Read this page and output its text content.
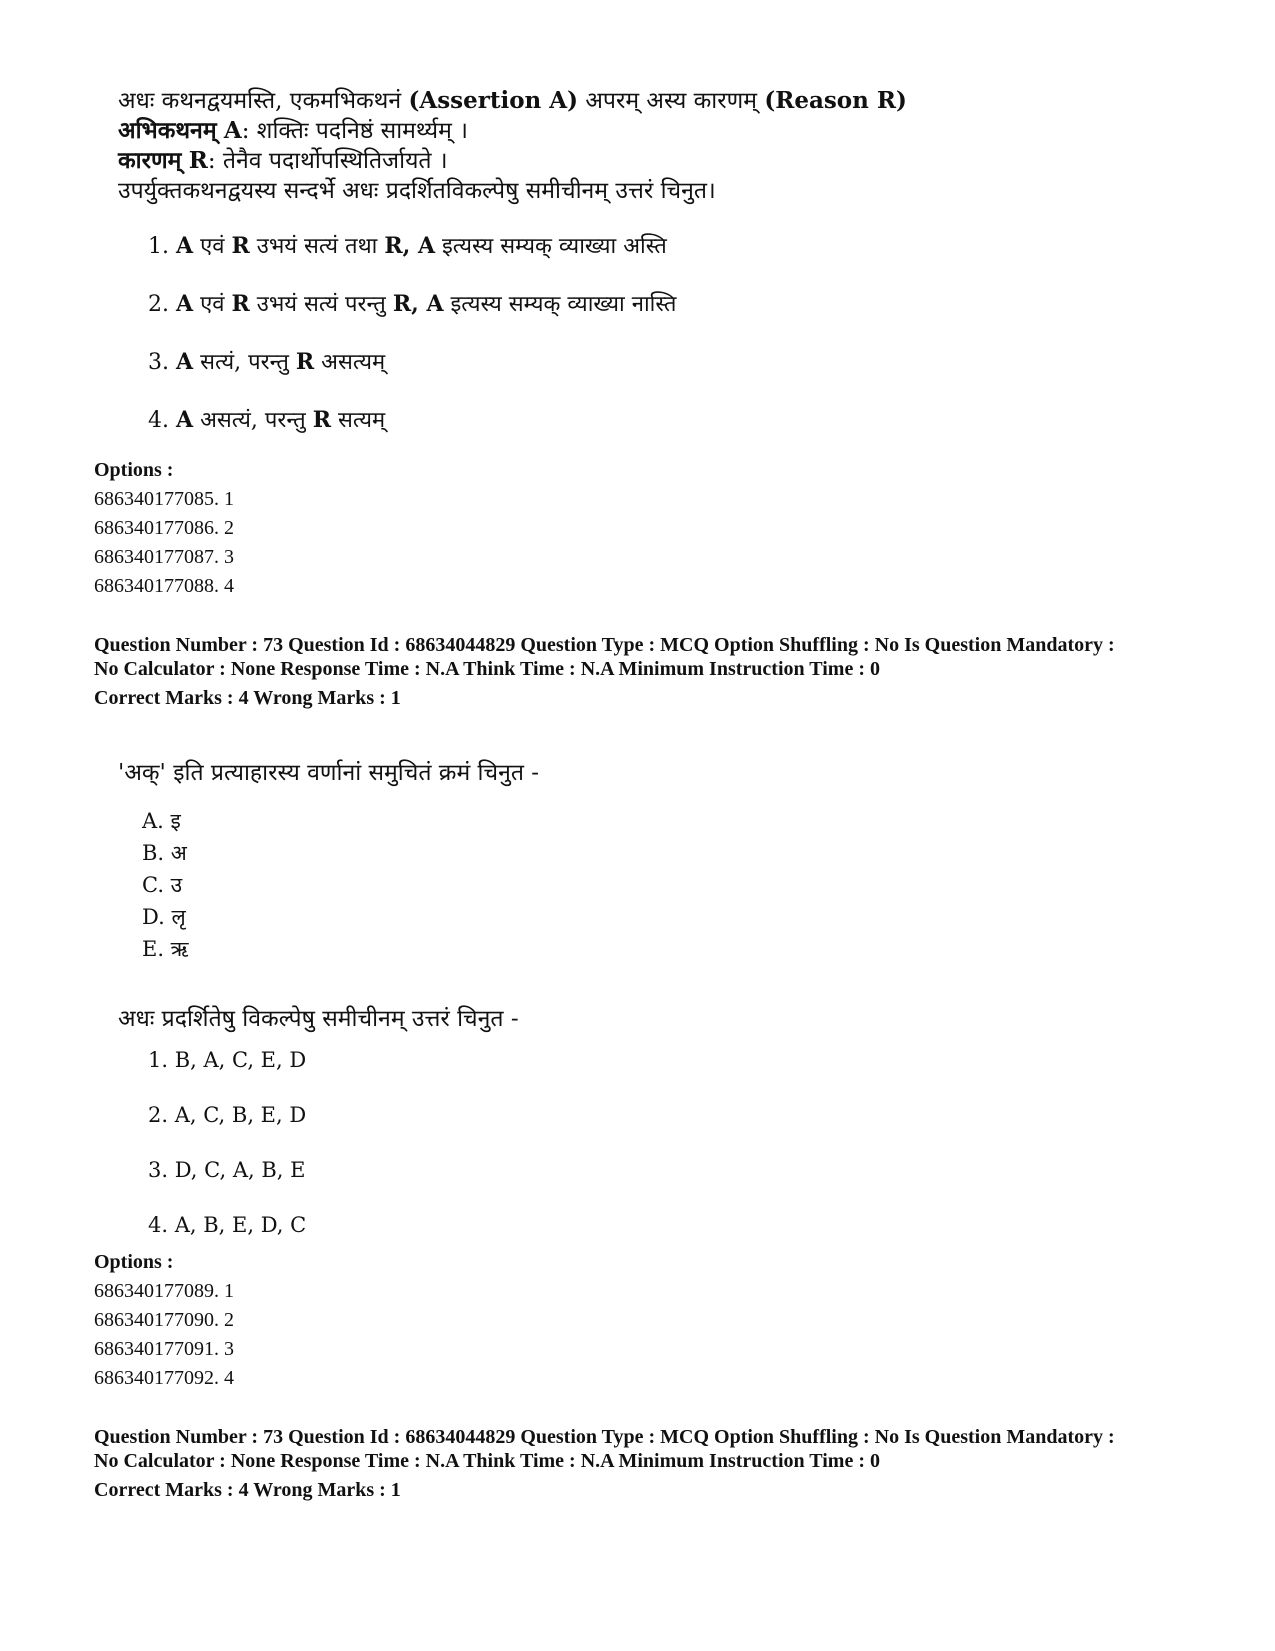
अधः कथनद्वयमस्ति, एकमभिकथनं (Assertion A) अपरम् अस्य कारणम् (Reason R)
अभिकथनम् A: शक्तिः पदनिष्ठं सामर्थ्यम् ।
कारणम् R: तेनैव पदार्थोपस्थितिर्जायते ।
उपर्युक्तकथनद्वयस्य सन्दर्भे अधः प्रदर्शितविकल्पेषु समीचीनम् उत्तरं चिनुत।
1. A एवं R उभयं सत्यं तथा R, A इत्यस्य सम्यक् व्याख्या अस्ति
2. A एवं R उभयं सत्यं परन्तु R, A इत्यस्य सम्यक् व्याख्या नास्ति
3. A सत्यं, परन्तु R असत्यम्
4. A असत्यं, परन्तु R सत्यम्
Options :
686340177085. 1
686340177086. 2
686340177087. 3
686340177088. 4
Question Number : 73 Question Id : 68634044829 Question Type : MCQ Option Shuffling : No Is Question Mandatory :
No Calculator : None Response Time : N.A Think Time : N.A Minimum Instruction Time : 0
Correct Marks : 4 Wrong Marks : 1
'अक्' इति प्रत्याहारस्य वर्णानां समुचितं क्रमं चिनुत -
A. इ
B. अ
C. उ
D. लृ
E. ऋ
अधः प्रदर्शितेषु विकल्पेषु समीचीनम् उत्तरं चिनुत -
1. B, A, C, E, D
2. A, C, B, E, D
3. D, C, A, B, E
4. A, B, E, D, C
Options :
686340177089. 1
686340177090. 2
686340177091. 3
686340177092. 4
Question Number : 73 Question Id : 68634044829 Question Type : MCQ Option Shuffling : No Is Question Mandatory :
No Calculator : None Response Time : N.A Think Time : N.A Minimum Instruction Time : 0
Correct Marks : 4 Wrong Marks : 1
